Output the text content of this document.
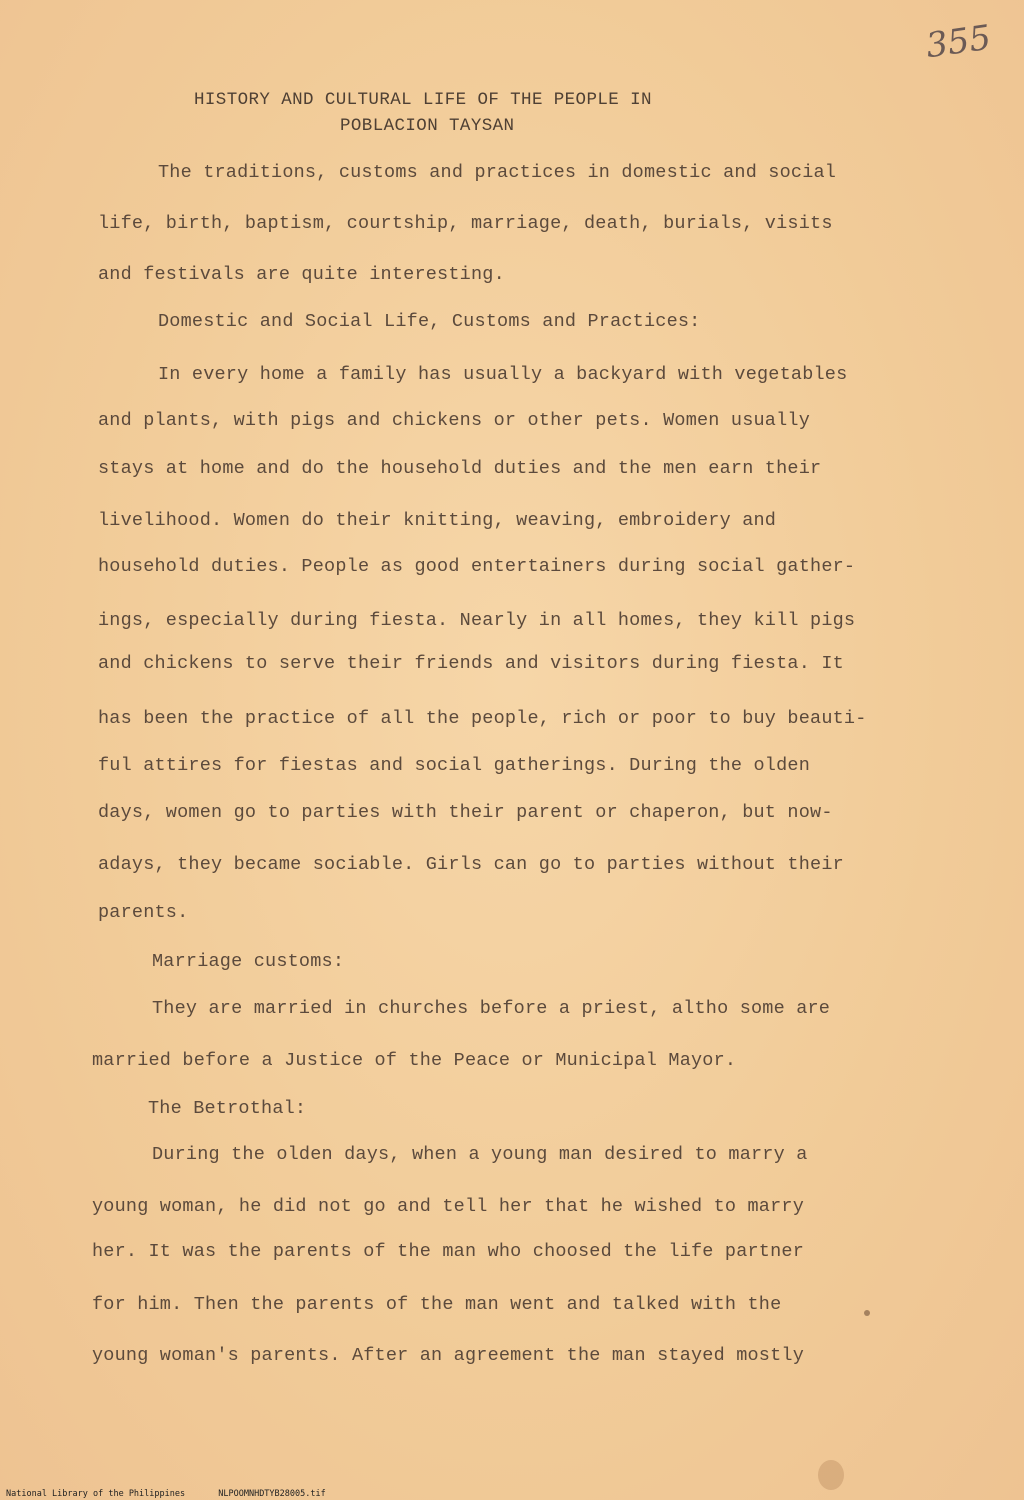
355
HISTORY AND CULTURAL LIFE OF THE PEOPLE IN
POBLACION TAYSAN
The traditions, customs and practices in domestic and social
life, birth, baptism, courtship, marriage, death, burials, visits
and festivals are quite interesting.
Domestic and Social Life, Customs and Practices:
In every home a family has usually a backyard with vegetables
and plants, with pigs and chickens or other pets. Women usually
stays at home and do the household duties and the men earn their
livelihood. Women do their knitting, weaving, embroidery and
household duties. People as good entertainers during social gather-
ings, especially during fiesta. Nearly in all homes, they kill pigs
and chickens to serve their friends and visitors during fiesta. It
has been the practice of all the people, rich or poor to buy beauti-
ful attires for fiestas and social gatherings. During the olden
days, women go to parties with their parent or chaperon, but now-
adays, they became sociable. Girls can go to parties without their
parents.
Marriage customs:
They are married in churches before a priest, altho some are
married before a Justice of the Peace or Municipal Mayor.
The Betrothal:
During the olden days, when a young man desired to marry a
young woman, he did not go and tell her that he wished to marry
her. It was the parents of the man who choosed the life partner
for him. Then the parents of the man went and talked with the
young woman's parents. After an agreement the man stayed mostly
National Library of the Philippines	NLPOOMNHDTYB28005.tif
